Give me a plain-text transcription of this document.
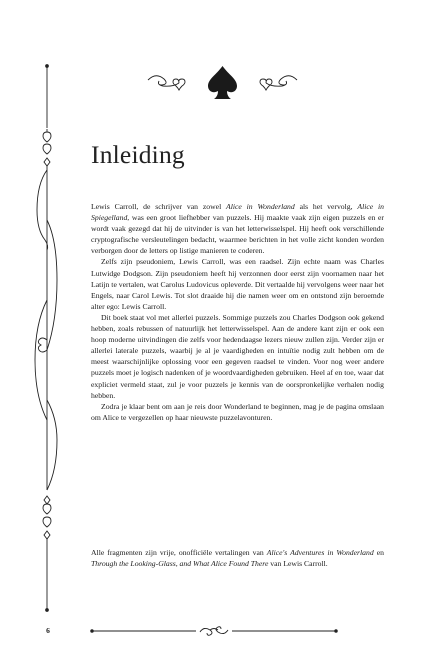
Inleiding

Lewis Carroll, de schrijver van zowel Alice in Wonderland als het vervolg, Alice in Spiegelland, was een groot liefhebber van puzzels. Hij maakte vaak zijn eigen puzzels en er wordt vaak gezegd dat hij de uitvinder is van het letterwisselspel. Hij heeft ook verschillende cryptografische versleutelingen bedacht, waarmee berichten in het volle zicht konden worden verborgen door de letters op listige manieren te coderen.

Zelfs zijn pseudoniem, Lewis Carroll, was een raadsel. Zijn echte naam was Charles Lutwidge Dodgson. Zijn pseudoniem heeft hij verzonnen door eerst zijn voornamen naar het Latijn te vertalen, wat Carolus Ludovicus opleverde. Dit vertaalde hij vervolgens weer naar het Engels, naar Carol Lewis. Tot slot draaide hij die namen weer om en ontstond zijn beroemde alter ego: Lewis Carroll.

Dit boek staat vol met allerlei puzzels. Sommige puzzels zou Charles Dodgson ook gekend hebben, zoals rebussen of natuurlijk het letterwisselspel. Aan de andere kant zijn er ook een hoop moderne uitvindingen die zelfs voor hedendaagse lezers nieuw zullen zijn. Verder zijn er allerlei laterale puzzels, waarbij je al je vaardigheden en intuïtie nodig zult hebben om de meest waarschijnlijke oplossing voor een gegeven raadsel te vinden. Voor nog weer andere puzzels moet je logisch nadenken of je woordvaardigheden gebruiken. Heel af en toe, waar dat expliciet vermeld staat, zul je voor puzzels je kennis van de oorspronkelijke verhalen nodig hebben.

Zodra je klaar bent om aan je reis door Wonderland te beginnen, mag je de pagina omslaan om Alice te vergezellen op haar nieuwste puzzelavonturen.

Alle fragmenten zijn vrije, onofficiële vertalingen van Alice's Adventures in Wonderland en Through the Looking-Glass, and What Alice Found There van Lewis Carroll.

6
